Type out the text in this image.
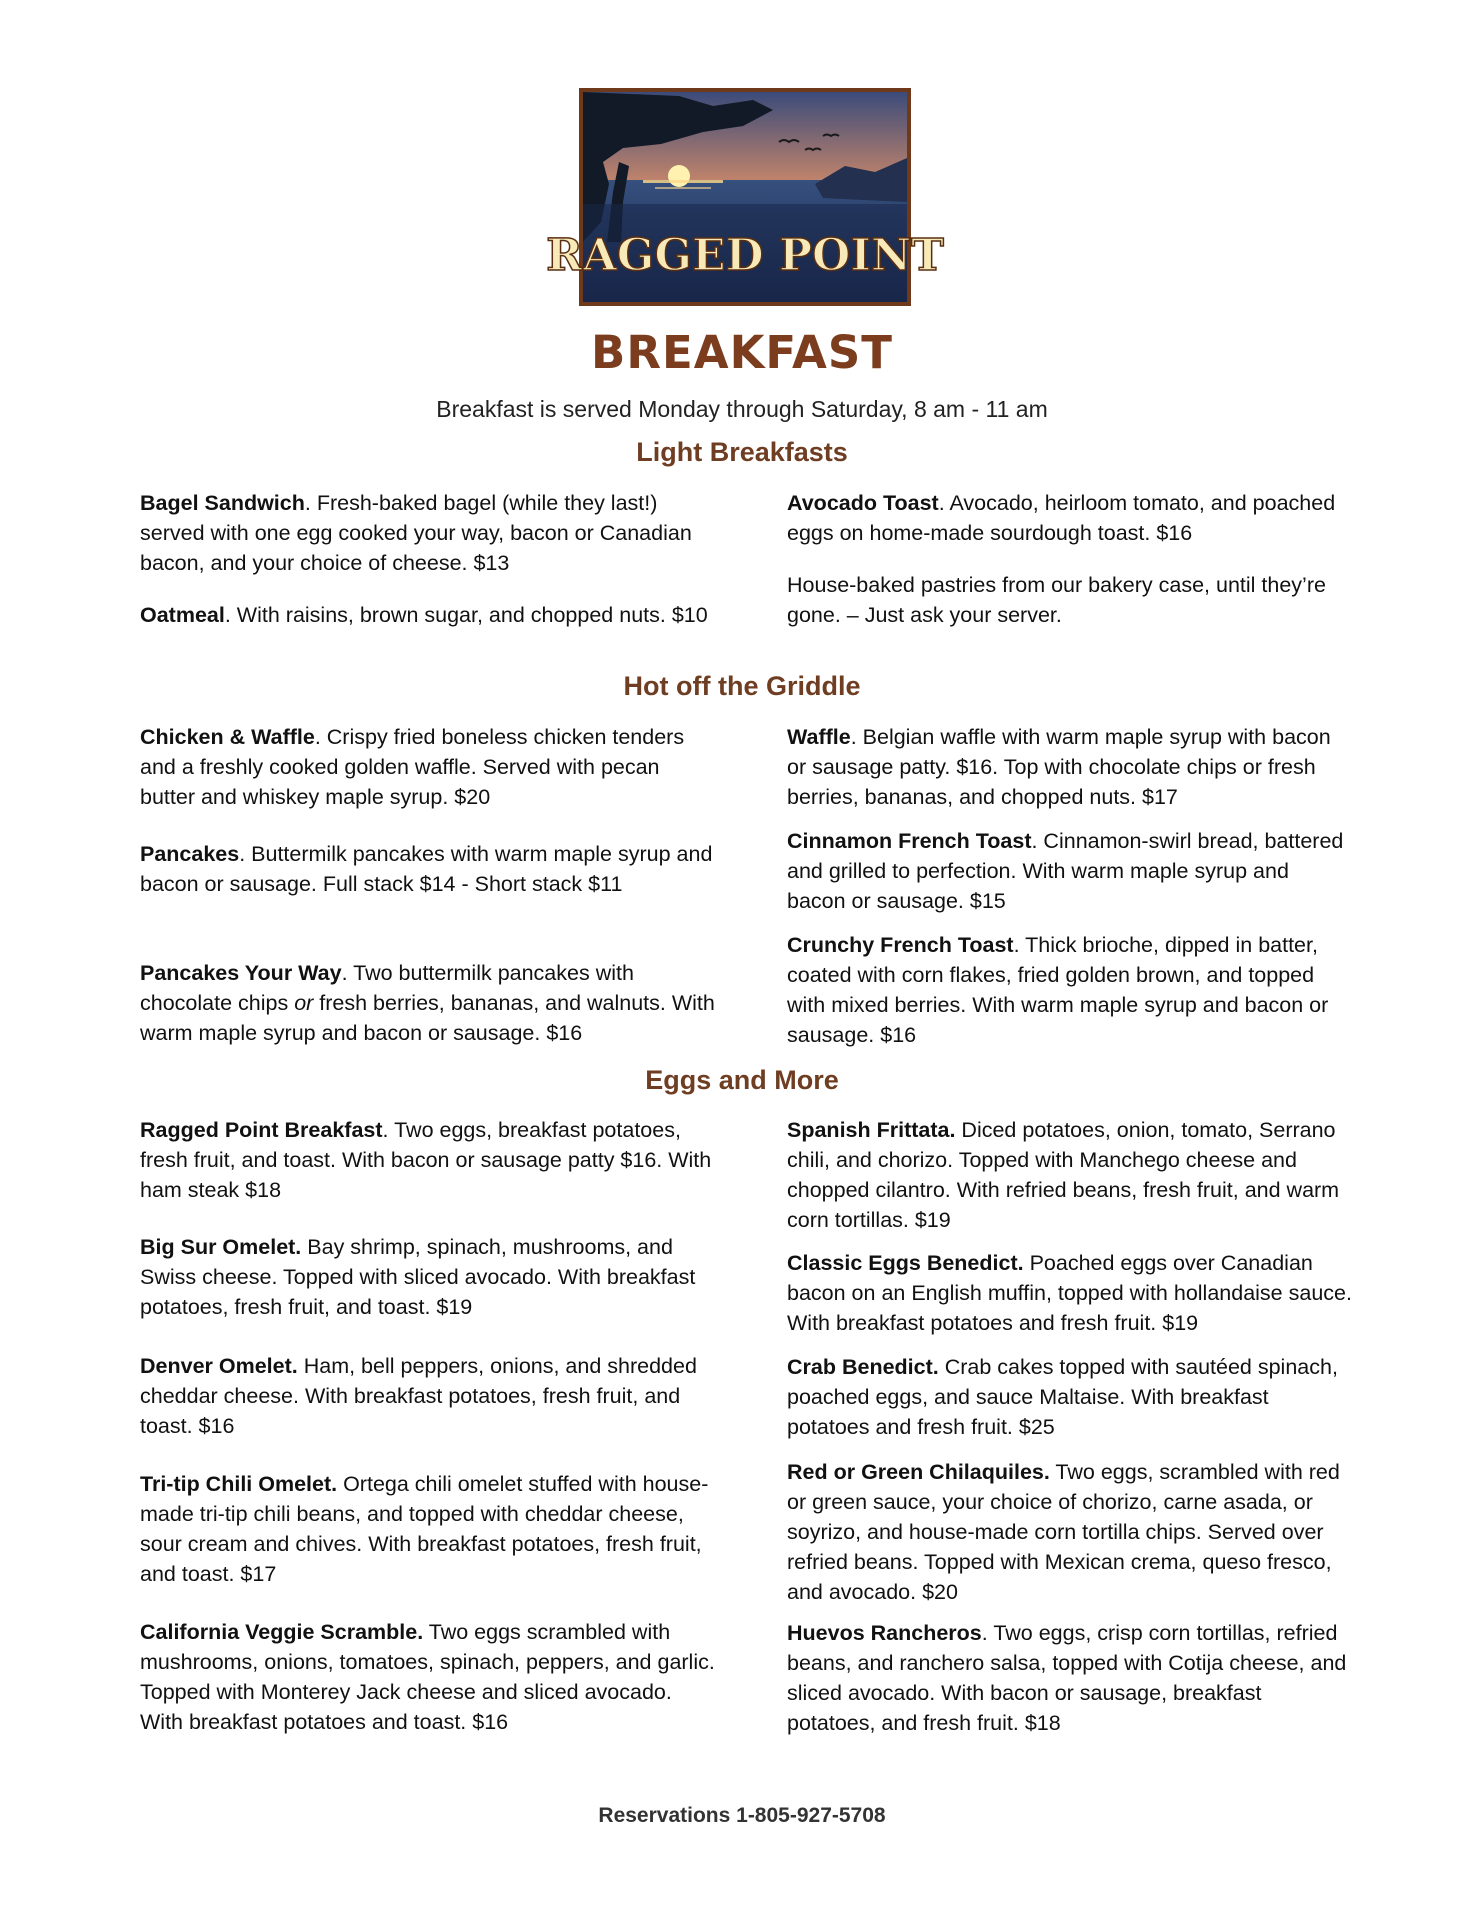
RAGGED POINT
BREAKFAST
Breakfast is served Monday through Saturday, 8 am - 11 am
Light Breakfasts

Bagel Sandwich. Fresh-baked bagel (while they last!) served with one egg cooked your way, bacon or Canadian bacon, and your choice of cheese. $13

Oatmeal. With raisins, brown sugar, and chopped nuts. $10

Avocado Toast. Avocado, heirloom tomato, and poached eggs on home-made sourdough toast. $16

House-baked pastries from our bakery case, until they’re gone. – Just ask your server.

Hot off the Griddle

Chicken & Waffle. Crispy fried boneless chicken tenders and a freshly cooked golden waffle. Served with pecan butter and whiskey maple syrup. $20

Pancakes. Buttermilk pancakes with warm maple syrup and bacon or sausage. Full stack $14 - Short stack $11

Pancakes Your Way. Two buttermilk pancakes with chocolate chips or fresh berries, bananas, and walnuts. With warm maple syrup and bacon or sausage. $16

Waffle. Belgian waffle with warm maple syrup with bacon or sausage patty. $16. Top with chocolate chips or fresh berries, bananas, and chopped nuts. $17

Cinnamon French Toast. Cinnamon-swirl bread, battered and grilled to perfection. With warm maple syrup and bacon or sausage. $15

Crunchy French Toast. Thick brioche, dipped in batter, coated with corn flakes, fried golden brown, and topped with mixed berries. With warm maple syrup and bacon or sausage. $16

Eggs and More

Ragged Point Breakfast. Two eggs, breakfast potatoes, fresh fruit, and toast. With bacon or sausage patty $16. With ham steak $18

Big Sur Omelet. Bay shrimp, spinach, mushrooms, and Swiss cheese. Topped with sliced avocado. With breakfast potatoes, fresh fruit, and toast. $19

Denver Omelet. Ham, bell peppers, onions, and shredded cheddar cheese. With breakfast potatoes, fresh fruit, and toast. $16

Tri-tip Chili Omelet. Ortega chili omelet stuffed with house-made tri-tip chili beans, and topped with cheddar cheese, sour cream and chives. With breakfast potatoes, fresh fruit, and toast. $17

California Veggie Scramble. Two eggs scrambled with mushrooms, onions, tomatoes, spinach, peppers, and garlic. Topped with Monterey Jack cheese and sliced avocado. With breakfast potatoes and toast. $16

Spanish Frittata. Diced potatoes, onion, tomato, Serrano chili, and chorizo. Topped with Manchego cheese and chopped cilantro. With refried beans, fresh fruit, and warm corn tortillas. $19

Classic Eggs Benedict. Poached eggs over Canadian bacon on an English muffin, topped with hollandaise sauce. With breakfast potatoes and fresh fruit. $19

Crab Benedict. Crab cakes topped with sautéed spinach, poached eggs, and sauce Maltaise. With breakfast potatoes and fresh fruit. $25

Red or Green Chilaquiles. Two eggs, scrambled with red or green sauce, your choice of chorizo, carne asada, or soyrizo, and house-made corn tortilla chips. Served over refried beans. Topped with Mexican crema, queso fresco, and avocado. $20

Huevos Rancheros. Two eggs, crisp corn tortillas, refried beans, and ranchero salsa, topped with Cotija cheese, and sliced avocado. With bacon or sausage, breakfast potatoes, and fresh fruit. $18

Reservations 1-805-927-5708
